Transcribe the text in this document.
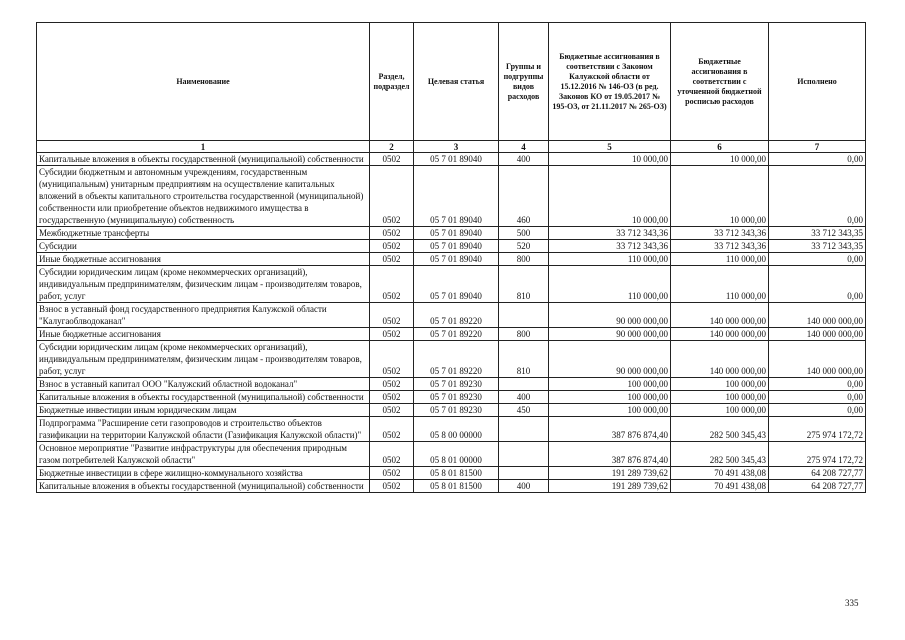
Наименование	Раздел, подраздел	Целевая статья	Группы и подгруппы видов расходов	Бюджетные ассигнования в соответствии с Законом Калужской области от 15.12.2016 № 146-ОЗ (в ред. Законов КО от 19.05.2017 № 195-ОЗ, от 21.11.2017 № 265-ОЗ)	Бюджетные ассигнования в соответствии с уточненной бюджетной росписью расходов	Исполнено
1	2	3	4	5	6	7
Капитальные вложения в объекты государственной (муниципальной) собственности	0502	05 7 01 89040	400	10 000,00	10 000,00	0,00
Субсидии бюджетным и автономным учреждениям, государственным (муниципальным) унитарным предприятиям на осуществление капитальных вложений в объекты капитального строительства государственной (муниципальной) собственности или приобретение объектов недвижимого имущества в государственную (муниципальную) собственность	0502	05 7 01 89040	460	10 000,00	10 000,00	0,00
Межбюджетные трансферты	0502	05 7 01 89040	500	33 712 343,36	33 712 343,36	33 712 343,35
Субсидии	0502	05 7 01 89040	520	33 712 343,36	33 712 343,36	33 712 343,35
Иные бюджетные ассигнования	0502	05 7 01 89040	800	110 000,00	110 000,00	0,00
Субсидии юридическим лицам (кроме некоммерческих организаций), индивидуальным предпринимателям, физическим лицам - производителям товаров, работ, услуг	0502	05 7 01 89040	810	110 000,00	110 000,00	0,00
Взнос в уставный фонд государственного предприятия Калужской области "Калугаоблводоканал"	0502	05 7 01 89220		90 000 000,00	140 000 000,00	140 000 000,00
Иные бюджетные ассигнования	0502	05 7 01 89220	800	90 000 000,00	140 000 000,00	140 000 000,00
Субсидии юридическим лицам (кроме некоммерческих организаций), индивидуальным предпринимателям, физическим лицам - производителям товаров, работ, услуг	0502	05 7 01 89220	810	90 000 000,00	140 000 000,00	140 000 000,00
Взнос в уставный капитал ООО "Калужский областной водоканал"	0502	05 7 01 89230		100 000,00	100 000,00	0,00
Капитальные вложения в объекты государственной (муниципальной) собственности	0502	05 7 01 89230	400	100 000,00	100 000,00	0,00
Бюджетные инвестиции иным юридическим лицам	0502	05 7 01 89230	450	100 000,00	100 000,00	0,00
Подпрограмма "Расширение сети газопроводов и строительство объектов газификации на территории Калужской области (Газификация Калужской области)"	0502	05 8 00 00000		387 876 874,40	282 500 345,43	275 974 172,72
Основное мероприятие "Развитие инфраструктуры для обеспечения природным газом потребителей Калужской области"	0502	05 8 01 00000		387 876 874,40	282 500 345,43	275 974 172,72
Бюджетные инвестиции в сфере жилищно-коммунального хозяйства	0502	05 8 01 81500		191 289 739,62	70 491 438,08	64 208 727,77
Капитальные вложения в объекты государственной (муниципальной) собственности	0502	05 8 01 81500	400	191 289 739,62	70 491 438,08	64 208 727,77
335
